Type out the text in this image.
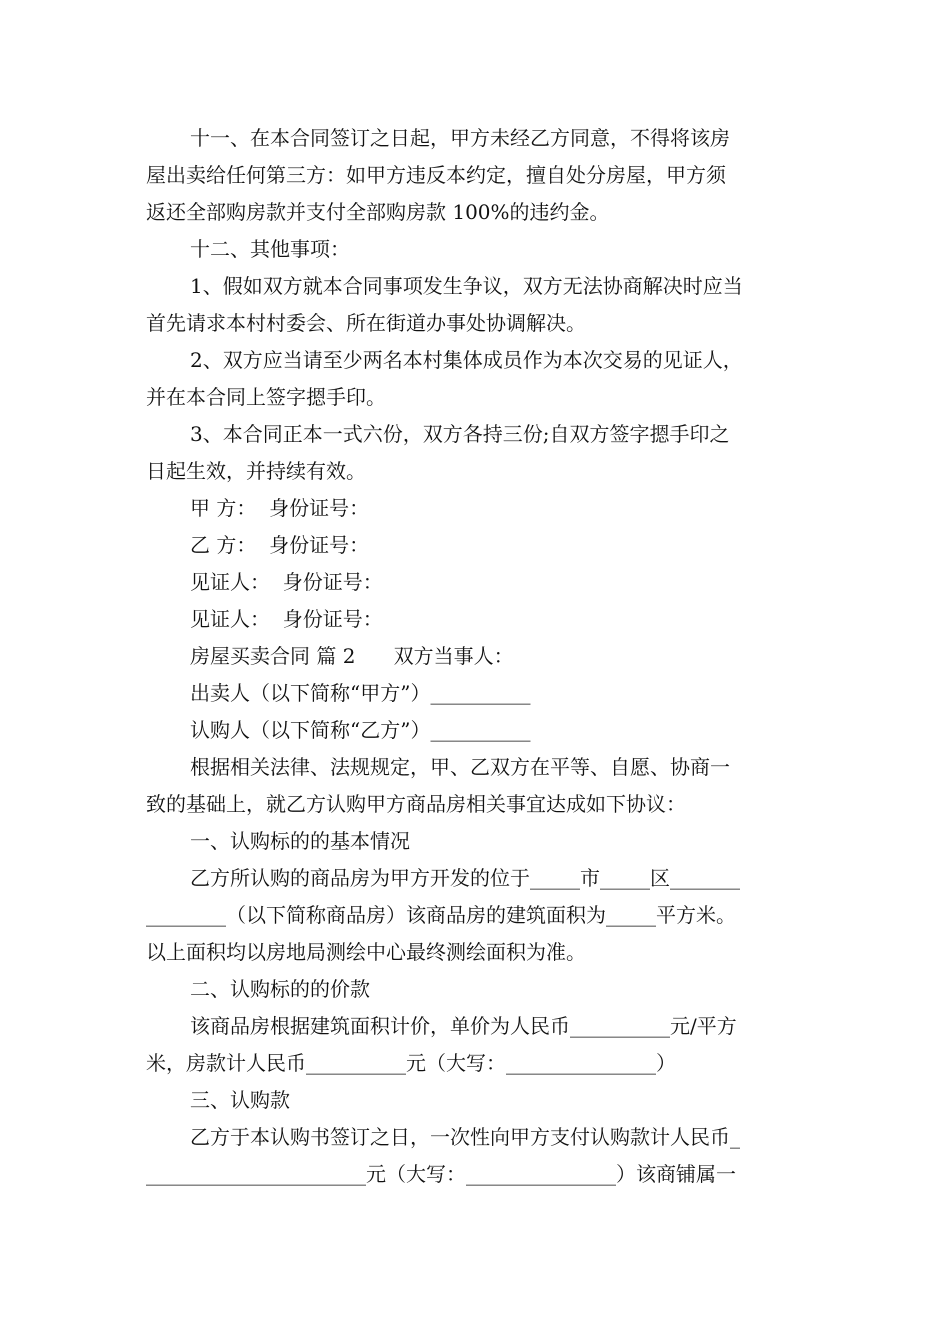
十一、在本合同签订之日起，甲方未经乙方同意，不得将该房
屋出卖给任何第三方：如甲方违反本约定，擅自处分房屋，甲方须
返还全部购房款并支付全部购房款 100%的违约金。
十二、其他事项：
1、假如双方就本合同事项发生争议，双方无法协商解决时应当
首先请求本村村委会、所在街道办事处协调解决。
2、双方应当请至少两名本村集体成员作为本次交易的见证人，
并在本合同上签字摁手印。
3、本合同正本一式六份，双方各持三份;自双方签字摁手印之
日起生效，并持续有效。
甲 方：  身份证号：
乙 方：  身份证号：
见证人：  身份证号：
见证人：  身份证号：
房屋买卖合同 篇 2      双方当事人：
出卖人（以下简称“甲方”）__________
认购人（以下简称“乙方”）__________
根据相关法律、法规规定，甲、乙双方在平等、自愿、协商一
致的基础上，就乙方认购甲方商品房相关事宜达成如下协议：
一、认购标的的基本情况
乙方所认购的商品房为甲方开发的位于_____市_____区_______
________（以下简称商品房）该商品房的建筑面积为_____平方米。
以上面积均以房地局测绘中心最终测绘面积为准。
二、认购标的的价款
该商品房根据建筑面积计价，单价为人民币__________元/平方
米，房款计人民币__________元（大写：_______________）
三、认购款
乙方于本认购书签订之日，一次性向甲方支付认购款计人民币_
______________________元（大写：_______________）该商铺属一
